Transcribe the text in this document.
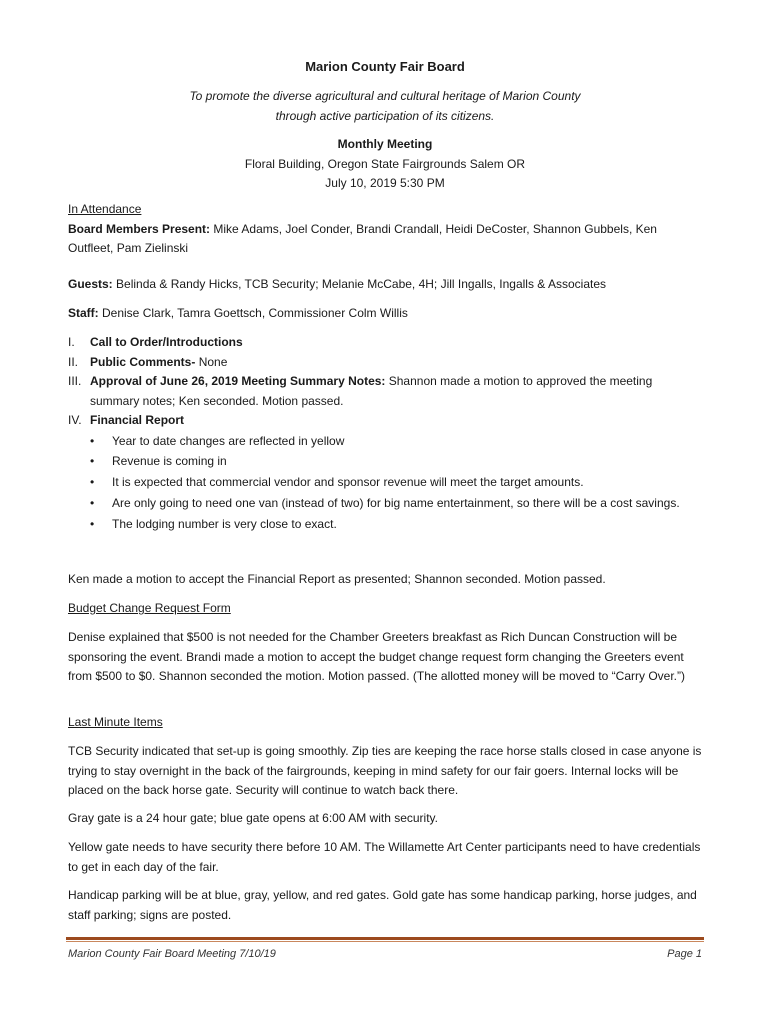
Marion County Fair Board
To promote the diverse agricultural and cultural heritage of Marion County
through active participation of its citizens.
Monthly Meeting
Floral Building, Oregon State Fairgrounds Salem OR
July 10, 2019 5:30 PM
In Attendance

Board Members Present: Mike Adams, Joel Conder, Brandi Crandall, Heidi DeCoster, Shannon Gubbels, Ken Outfleet, Pam Zielinski

Guests: Belinda & Randy Hicks, TCB Security; Melanie McCabe, 4H; Jill Ingalls, Ingalls & Associates
Staff: Denise Clark, Tamra Goettsch, Commissioner Colm Willis
I. Call to Order/Introductions
II. Public Comments- None
III. Approval of June 26, 2019 Meeting Summary Notes: Shannon made a motion to approved the meeting summary notes; Ken seconded. Motion passed.
IV. Financial Report
• Year to date changes are reflected in yellow
• Revenue is coming in
• It is expected that commercial vendor and sponsor revenue will meet the target amounts.
• Are only going to need one van (instead of two) for big name entertainment, so there will be a cost savings.
• The lodging number is very close to exact.
Ken made a motion to accept the Financial Report as presented; Shannon seconded. Motion passed.
Budget Change Request Form
Denise explained that $500 is not needed for the Chamber Greeters breakfast as Rich Duncan Construction will be sponsoring the event. Brandi made a motion to accept the budget change request form changing the Greeters event from $500 to $0. Shannon seconded the motion. Motion passed. (The allotted money will be moved to “Carry Over.”)
Last Minute Items
TCB Security indicated that set-up is going smoothly. Zip ties are keeping the race horse stalls closed in case anyone is trying to stay overnight in the back of the fairgrounds, keeping in mind safety for our fair goers. Internal locks will be placed on the back horse gate. Security will continue to watch back there.
Gray gate is a 24 hour gate; blue gate opens at 6:00 AM with security.
Yellow gate needs to have security there before 10 AM. The Willamette Art Center participants need to have credentials to get in each day of the fair.
Handicap parking will be at blue, gray, yellow, and red gates. Gold gate has some handicap parking, horse judges, and staff parking; signs are posted.
Marion County Fair Board Meeting 7/10/19	Page 1
